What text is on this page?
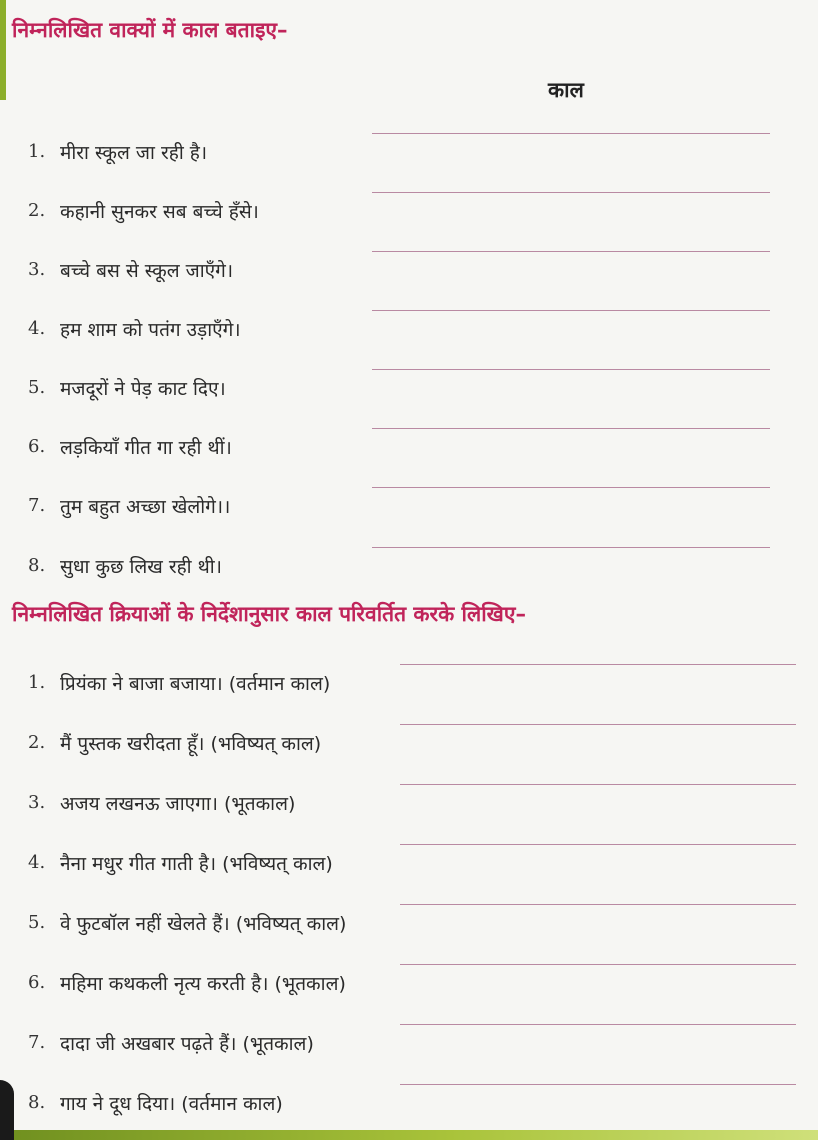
निम्नलिखित वाक्यों में काल बताइए–
काल
1. मीरा स्कूल जा रही है।
2. कहानी सुनकर सब बच्चे हँसे।
3. बच्चे बस से स्कूल जाएँगे।
4. हम शाम को पतंग उड़ाएँगे।
5. मजदूरों ने पेड़ काट दिए।
6. लड़कियाँ गीत गा रही थीं।
7. तुम बहुत अच्छा खेलोगे।।
8. सुधा कुछ लिख रही थी।
निम्नलिखित क्रियाओं के निर्देशानुसार काल परिवर्तित करके लिखिए–
1. प्रियंका ने बाजा बजाया। (वर्तमान काल)
2. मैं पुस्तक खरीदता हूँ। (भविष्यत् काल)
3. अजय लखनऊ जाएगा। (भूतकाल)
4. नैना मधुर गीत गाती है। (भविष्यत् काल)
5. वे फुटबॉल नहीं खेलते हैं। (भविष्यत् काल)
6. महिमा कथकली नृत्य करती है। (भूतकाल)
7. दादा जी अखबार पढ़ते हैं। (भूतकाल)
8. गाय ने दूध दिया। (वर्तमान काल)
